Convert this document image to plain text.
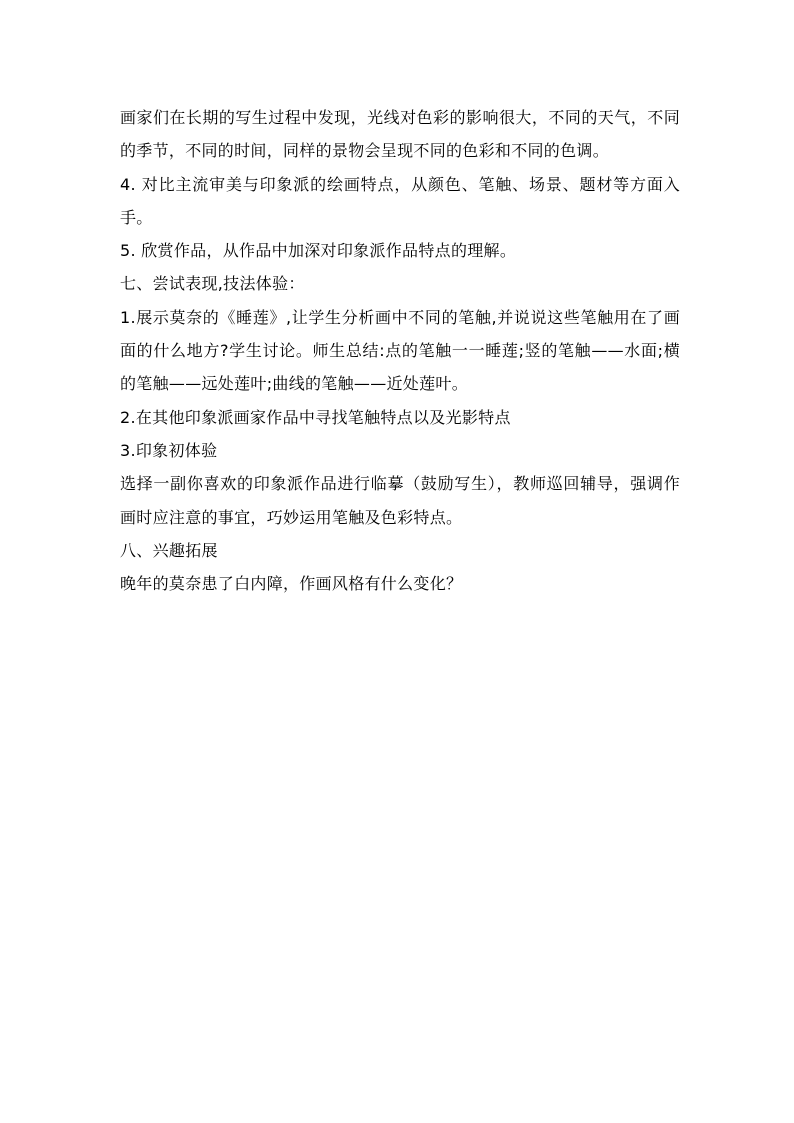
画家们在长期的写生过程中发现，光线对色彩的影响很大，不同的天气，不同的季节，不同的时间，同样的景物会呈现不同的色彩和不同的色调。

4. 对比主流审美与印象派的绘画特点，从颜色、笔触、场景、题材等方面入手。

5. 欣赏作品，从作品中加深对印象派作品特点的理解。

七、尝试表现,技法体验：

1.展示莫奈的《睡莲》,让学生分析画中不同的笔触,并说说这些笔触用在了画面的什么地方?学生讨论。师生总结:点的笔触一一睡莲;竖的笔触——水面;横的笔触——远处莲叶;曲线的笔触——近处莲叶。

2.在其他印象派画家作品中寻找笔触特点以及光影特点

3.印象初体验

选择一副你喜欢的印象派作品进行临摹（鼓励写生），教师巡回辅导，强调作画时应注意的事宜，巧妙运用笔触及色彩特点。

八、兴趣拓展

晚年的莫奈患了白内障，作画风格有什么变化？
